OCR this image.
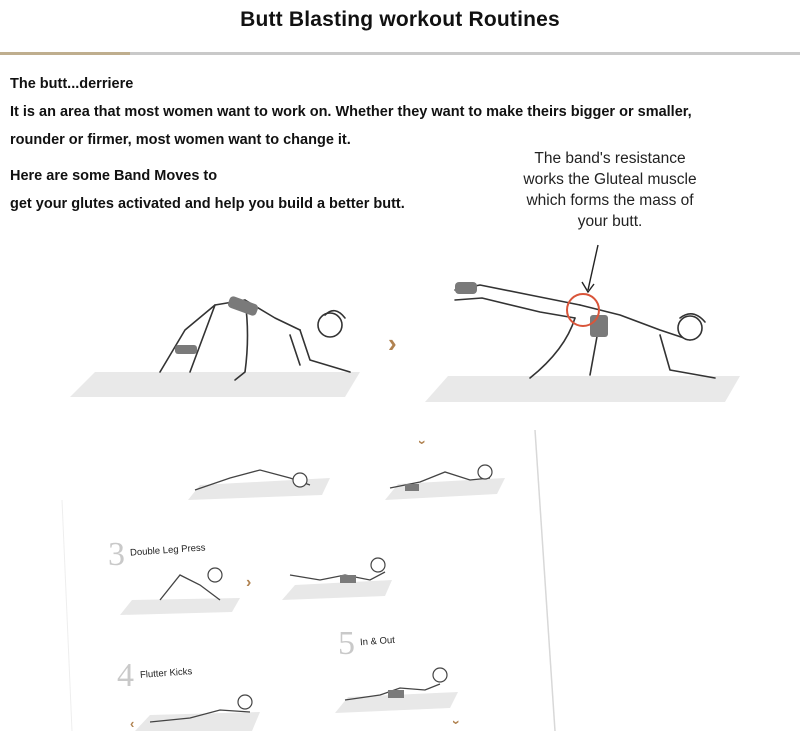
Butt Blasting workout Routines
The butt...derriere
It is an area that most women want to work on. Whether they want to make theirs bigger or smaller,
rounder or firmer, most women want to change it.
Here are some Band Moves to
get your glutes activated and help you build a better butt.
The band's resistance
works the Gluteal muscle
which forms the mass of
your butt.
›
›
›
›
‹
3 Double Leg Press
4 Flutter Kicks
5 In & Out
